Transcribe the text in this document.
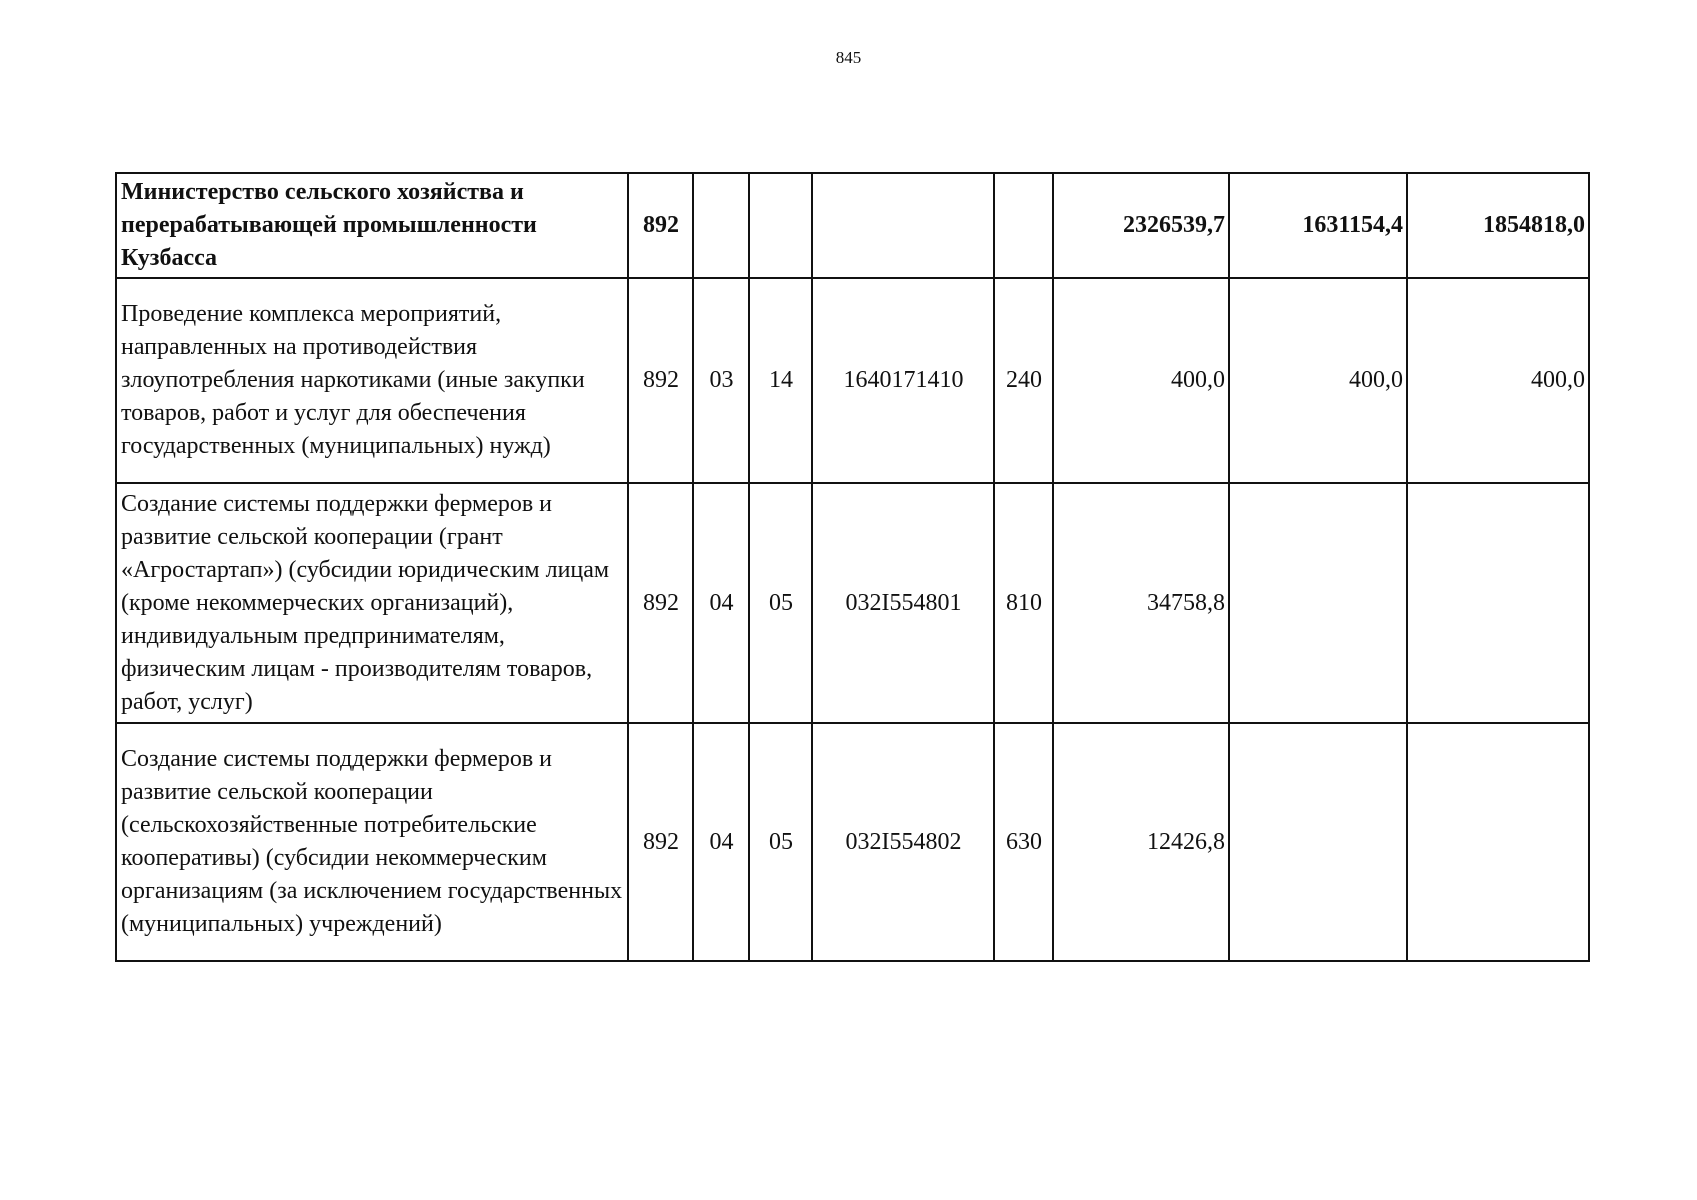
845
Министерство сельского хозяйства и перерабатывающей промышленности Кузбасса	892					2326539,7	1631154,4	1854818,0
Проведение комплекса мероприятий, направленных на противодействия злоупотребления наркотиками (иные закупки товаров, работ и услуг для обеспечения государственных (муниципальных) нужд)	892	03	14	1640171410	240	400,0	400,0	400,0
Создание системы поддержки фермеров и развитие сельской кооперации (грант «Агростартап») (субсидии юридическим лицам (кроме некоммерческих организаций), индивидуальным предпринимателям, физическим лицам - производителям товаров, работ, услуг)	892	04	05	032I554801	810	34758,8		
Создание системы поддержки фермеров и развитие сельской кооперации (сельскохозяйственные потребительские кооперативы) (субсидии некоммерческим организациям (за исключением государственных (муниципальных) учреждений)	892	04	05	032I554802	630	12426,8		
